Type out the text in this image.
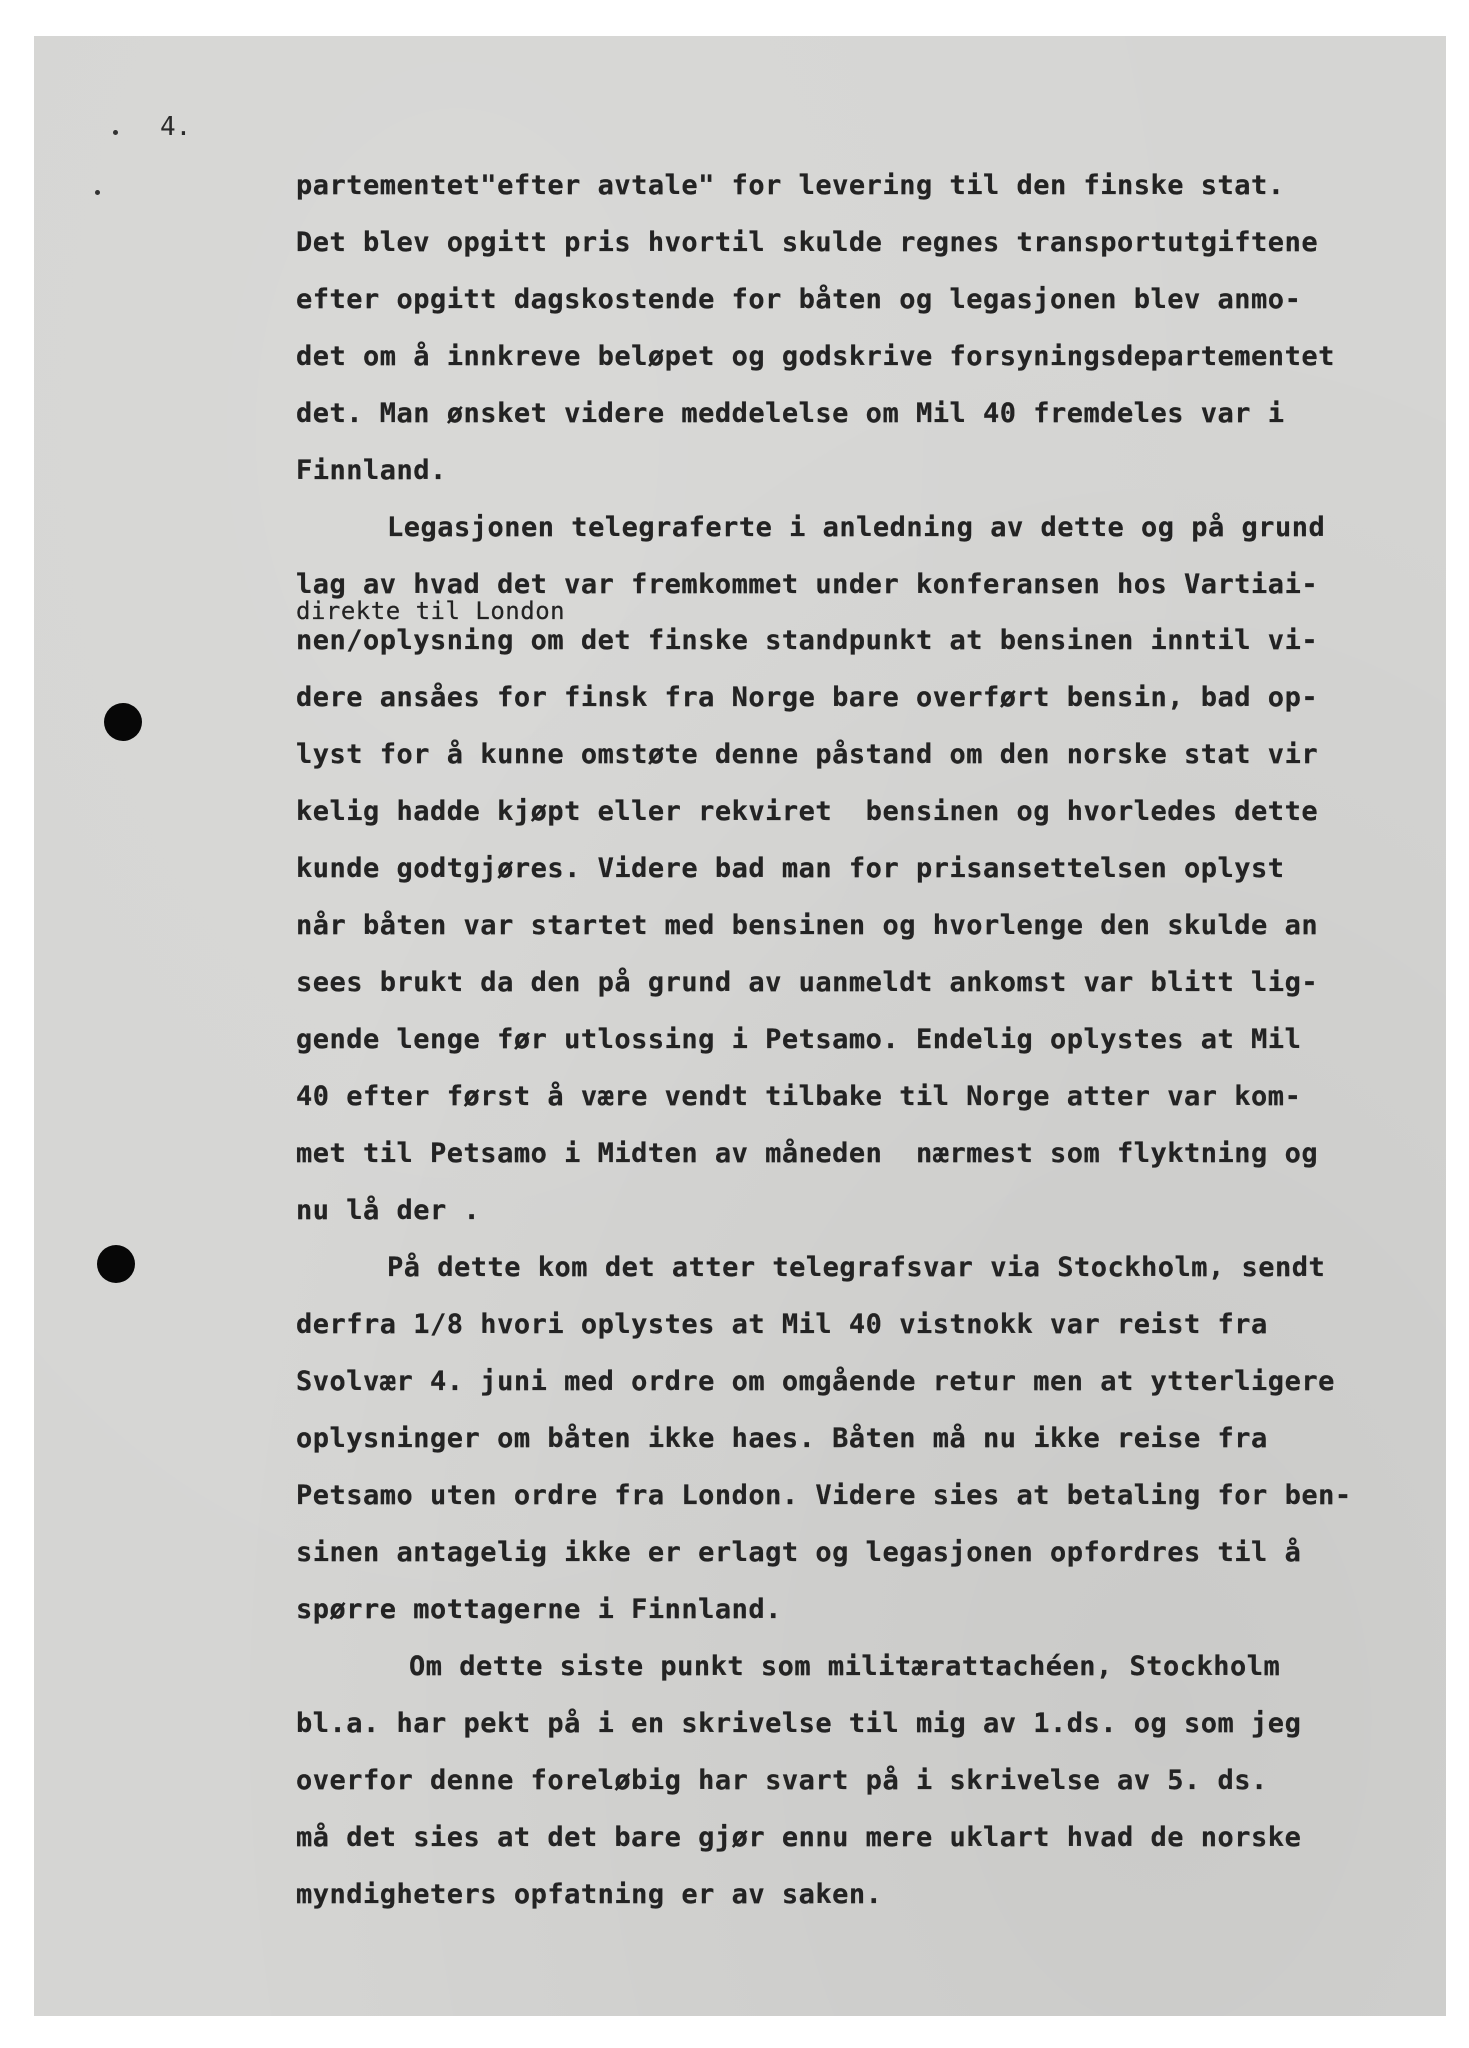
4.

partementet"efter avtale" for levering til den finske stat.

Det blev opgitt pris hvortil skulde regnes transportutgiftene

efter opgitt dagskostende for båten og legasjonen blev anmo-

det om å innkreve beløpet og godskrive forsyningsdepartementet

det. Man ønsket videre meddelelse om Mil 40 fremdeles var i

Finnland.

Legasjonen telegraferte i anledning av dette og på grund

lag av hvad det var fremkommet under konferansen hos Vartiai-

direkte til London

nen/oplysning om det finske standpunkt at bensinen inntil vi-

dere ansåes for finsk fra Norge bare overført bensin, bad op-

lyst for å kunne omstøte denne påstand om den norske stat vir

kelig hadde kjøpt eller rekviret  bensinen og hvorledes dette

kunde godtgjøres. Videre bad man for prisansettelsen oplyst

når båten var startet med bensinen og hvorlenge den skulde an

sees brukt da den på grund av uanmeldt ankomst var blitt lig-

gende lenge før utlossing i Petsamo. Endelig oplystes at Mil

40 efter først å være vendt tilbake til Norge atter var kom-

met til Petsamo i Midten av måneden  nærmest som flyktning og

nu lå der .

På dette kom det atter telegrafsvar via Stockholm, sendt

derfra 1/8 hvori oplystes at Mil 40 vistnokk var reist fra

Svolvær 4. juni med ordre om omgående retur men at ytterligere

oplysninger om båten ikke haes. Båten må nu ikke reise fra

Petsamo uten ordre fra London. Videre sies at betaling for ben-

sinen antagelig ikke er erlagt og legasjonen opfordres til å

spørre mottagerne i Finnland.

Om dette siste punkt som militærattachéen, Stockholm

bl.a. har pekt på i en skrivelse til mig av 1.ds. og som jeg

overfor denne foreløbig har svart på i skrivelse av 5. ds.

må det sies at det bare gjør ennu mere uklart hvad de norske

myndigheters opfatning er av saken.
